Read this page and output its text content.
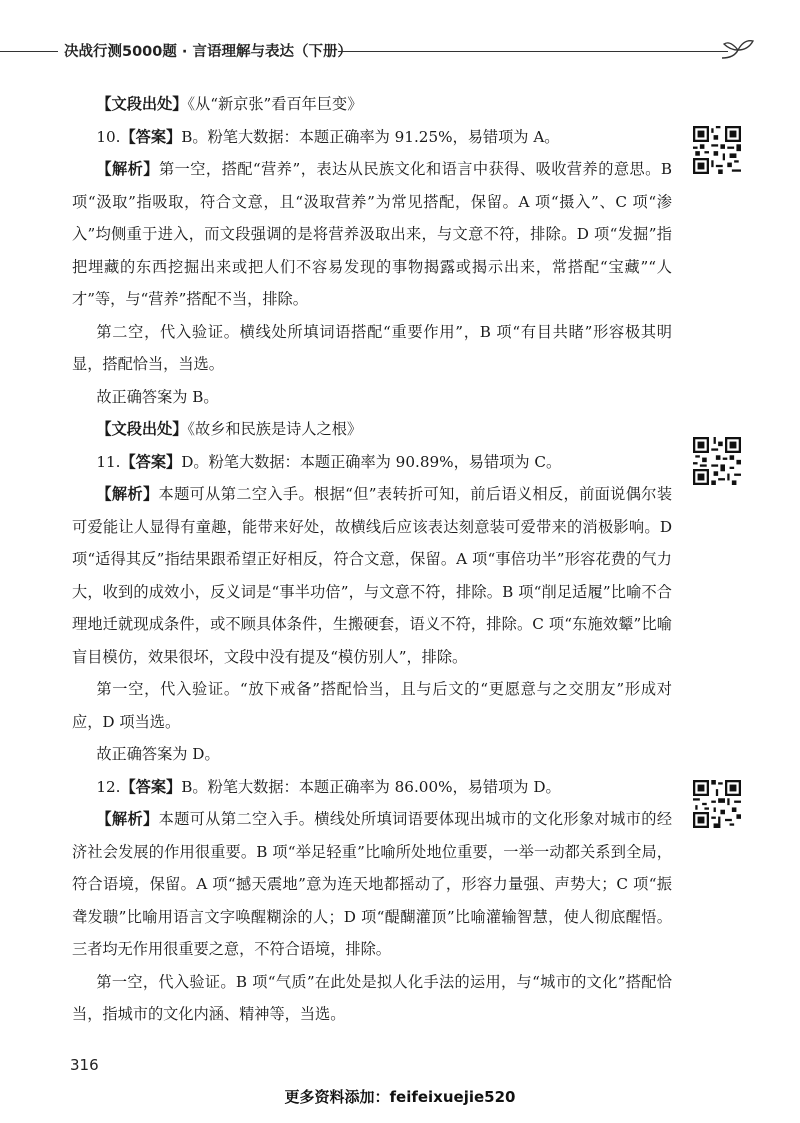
决战行测5000题 · 言语理解与表达（下册）

【文段出处】《从“新京张”看百年巨变》

10.【答案】B。粉笔大数据：本题正确率为 91.25%，易错项为 A。

【解析】第一空，搭配“营养”，表达从民族文化和语言中获得、吸收营养的意思。B 项“汲取”指吸取，符合文意，且“汲取营养”为常见搭配，保留。A 项“摄入”、C 项“渗入”均侧重于进入，而文段强调的是将营养汲取出来，与文意不符，排除。D 项“发掘”指把埋藏的东西挖掘出来或把人们不容易发现的事物揭露或揭示出来，常搭配“宝藏”“人才”等，与“营养”搭配不当，排除。

第二空，代入验证。横线处所填词语搭配“重要作用”，B 项“有目共睹”形容极其明显，搭配恰当，当选。

故正确答案为 B。

【文段出处】《故乡和民族是诗人之根》

11.【答案】D。粉笔大数据：本题正确率为 90.89%，易错项为 C。

【解析】本题可从第二空入手。根据“但”表转折可知，前后语义相反，前面说偶尔装可爱能让人显得有童趣，能带来好处，故横线后应该表达刻意装可爱带来的消极影响。D 项“适得其反”指结果跟希望正好相反，符合文意，保留。A 项“事倍功半”形容花费的气力大，收到的成效小，反义词是“事半功倍”，与文意不符，排除。B 项“削足适履”比喻不合理地迁就现成条件，或不顾具体条件，生搬硬套，语义不符，排除。C 项“东施效颦”比喻盲目模仿，效果很坏，文段中没有提及“模仿别人”，排除。

第一空，代入验证。“放下戒备”搭配恰当，且与后文的“更愿意与之交朋友”形成对应，D 项当选。

故正确答案为 D。

12.【答案】B。粉笔大数据：本题正确率为 86.00%，易错项为 D。

【解析】本题可从第二空入手。横线处所填词语要体现出城市的文化形象对城市的经济社会发展的作用很重要。B 项“举足轻重”比喻所处地位重要，一举一动都关系到全局，符合语境，保留。A 项“撼天震地”意为连天地都摇动了，形容力量强、声势大；C 项“振聋发聩”比喻用语言文字唤醒糊涂的人；D 项“醍醐灌顶”比喻灌输智慧，使人彻底醒悟。三者均无作用很重要之意，不符合语境，排除。

第一空，代入验证。B 项“气质”在此处是拟人化手法的运用，与“城市的文化”搭配恰当，指城市的文化内涵、精神等，当选。

316
更多资料添加：feifeixuejie520
